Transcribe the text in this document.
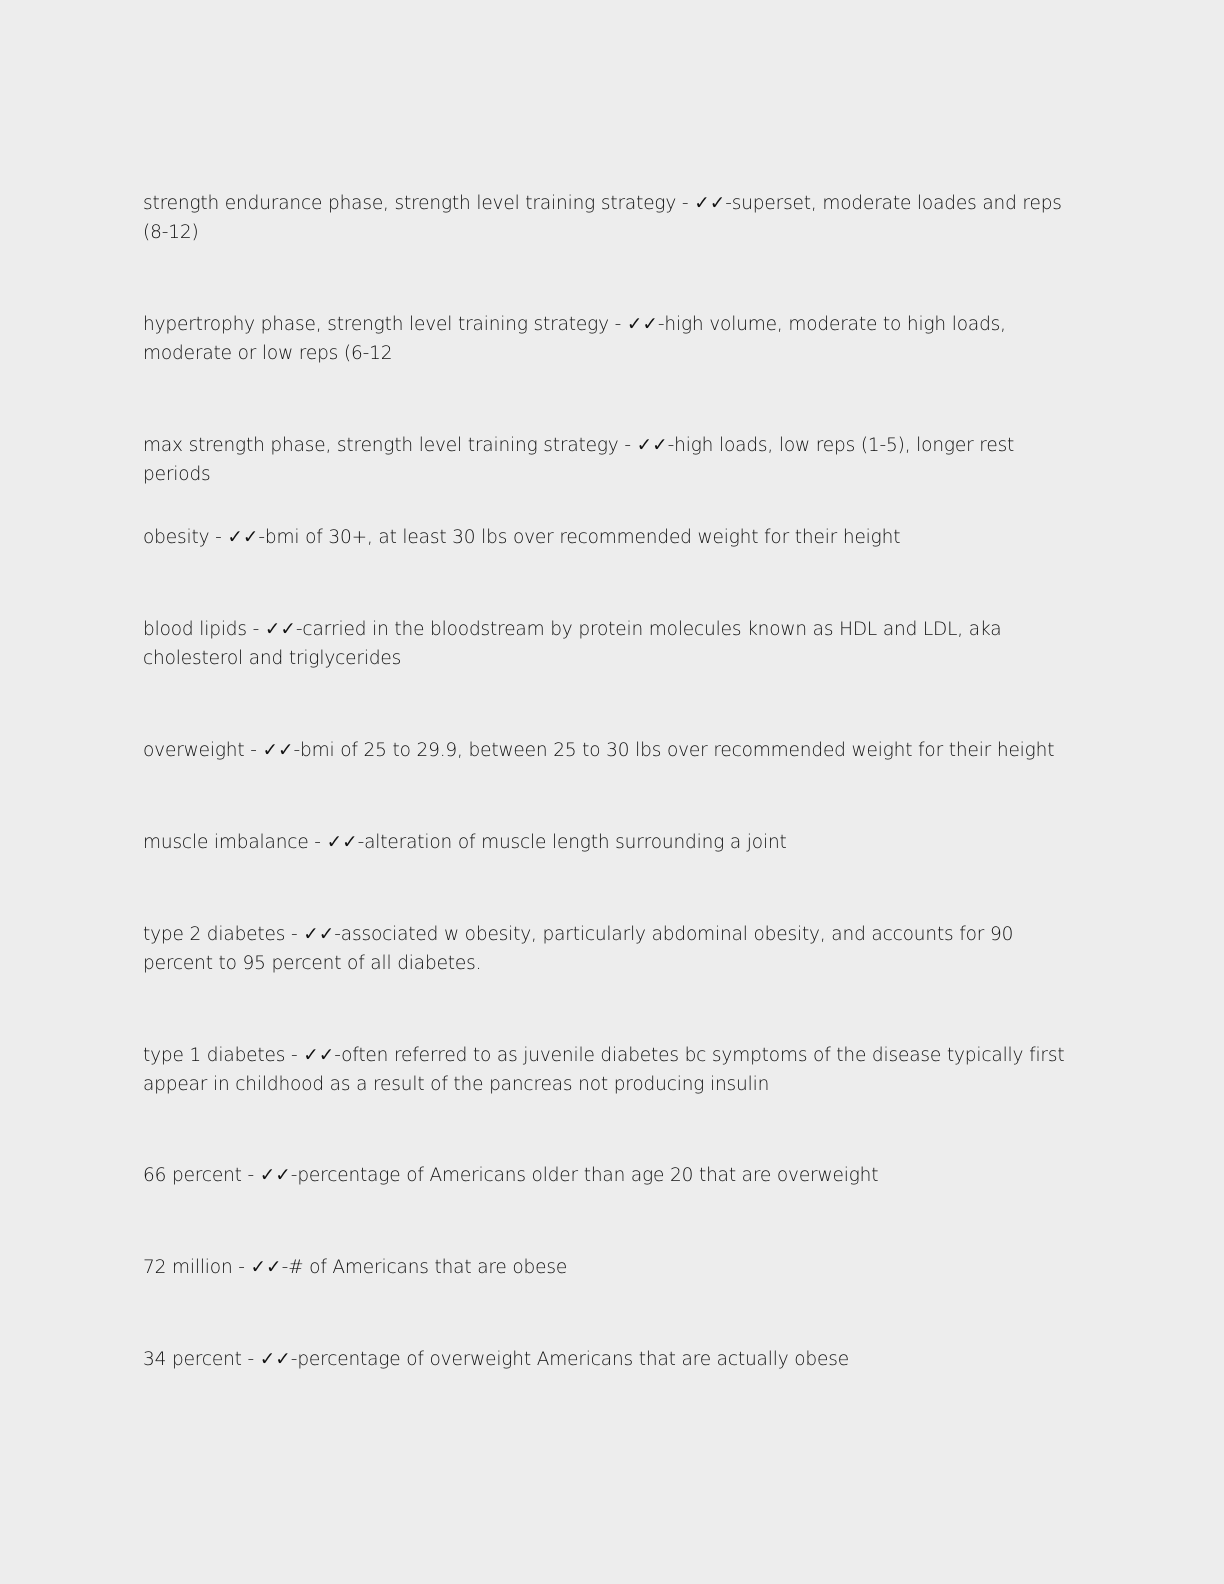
strength endurance phase, strength level training strategy - ✓✓-superset, moderate loades and reps (8-12)
hypertrophy phase, strength level training strategy - ✓✓-high volume, moderate to high loads, moderate or low reps (6-12
max strength phase, strength level training strategy - ✓✓-high loads, low reps (1-5), longer rest periods
obesity - ✓✓-bmi of 30+, at least 30 lbs over recommended weight for their height
blood lipids - ✓✓-carried in the bloodstream by protein molecules known as HDL and LDL, aka cholesterol and triglycerides
overweight - ✓✓-bmi of 25 to 29.9, between 25 to 30 lbs over recommended weight for their height
muscle imbalance - ✓✓-alteration of muscle length surrounding a joint
type 2 diabetes - ✓✓-associated w obesity, particularly abdominal obesity, and accounts for 90 percent to 95 percent of all diabetes.
type 1 diabetes - ✓✓-often referred to as juvenile diabetes bc symptoms of the disease typically first appear in childhood as a result of the pancreas not producing insulin
66 percent - ✓✓-percentage of Americans older than age 20 that are overweight
72 million - ✓✓-# of Americans that are obese
34 percent - ✓✓-percentage of overweight Americans that are actually obese
